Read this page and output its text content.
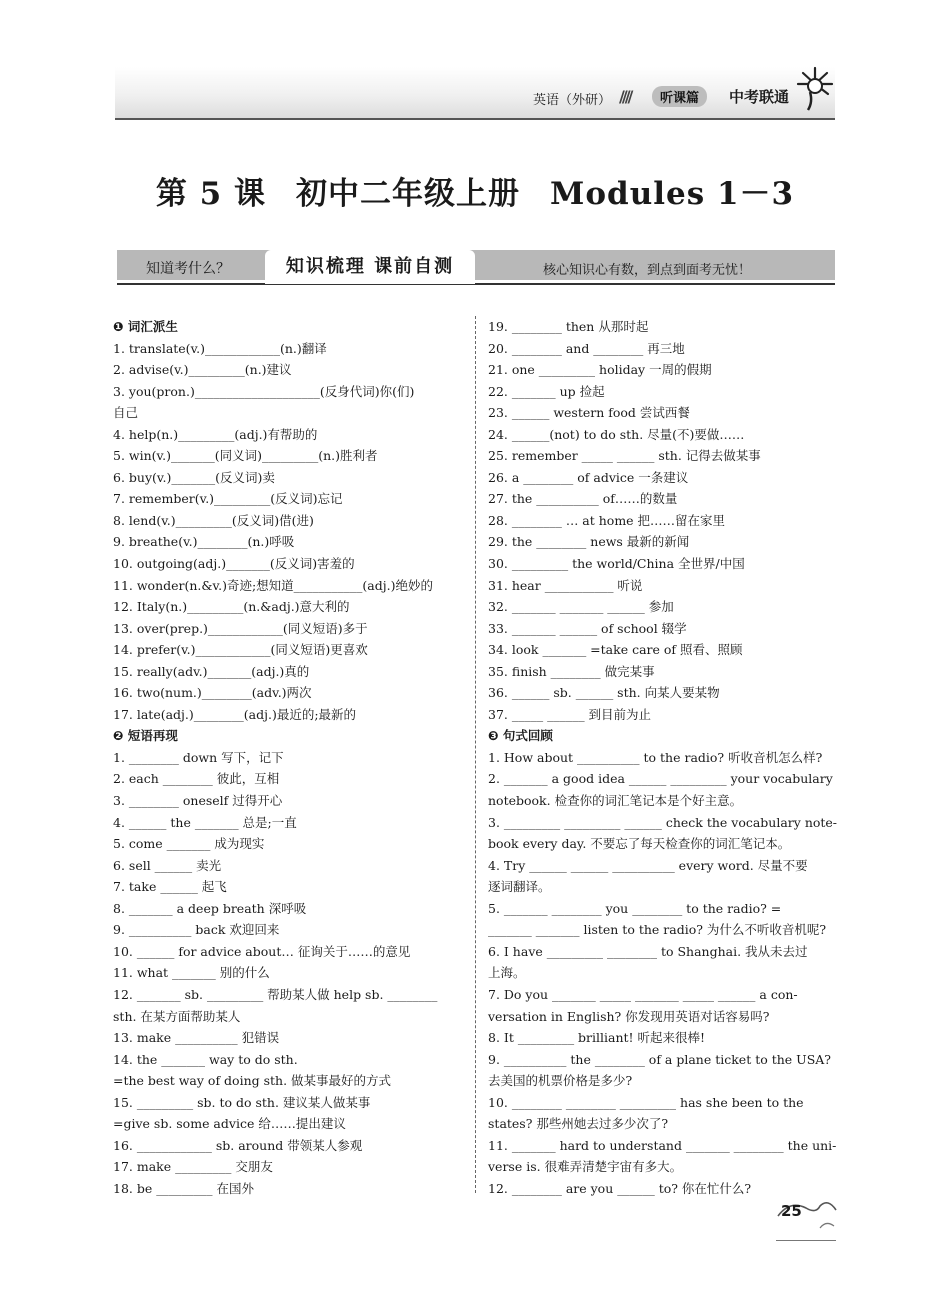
英语（外研） ////	听课篇	中考联通
第 5 课 初中二年级上册 Modules 1－3
知道考什么？	知识梳理 课前自测	核心知识心有数，到点到面考无忧！
❶ 词汇派生
1. translate(v.)____________(n.)翻译
2. advise(v.)_________(n.)建议
3. you(pron.)____________________(反身代词)你(们)
自己
4. help(n.)_________(adj.)有帮助的
5. win(v.)_______(同义词)_________(n.)胜利者
6. buy(v.)_______(反义词)卖
7. remember(v.)_________(反义词)忘记
8. lend(v.)_________(反义词)借(进)
9. breathe(v.)________(n.)呼吸
10. outgoing(adj.)_______(反义词)害羞的
11. wonder(n.&v.)奇迹;想知道___________(adj.)绝妙的
12. Italy(n.)_________(n.&adj.)意大利的
13. over(prep.)____________(同义短语)多于
14. prefer(v.)____________(同义短语)更喜欢
15. really(adv.)_______(adj.)真的
16. two(num.)________(adv.)两次
17. late(adj.)________(adj.)最近的;最新的
❷ 短语再现
1. ________ down 写下，记下
2. each ________ 彼此，互相
3. ________ oneself 过得开心
4. ______ the _______ 总是;一直
5. come _______ 成为现实
6. sell ______ 卖光
7. take ______ 起飞
8. _______ a deep breath 深呼吸
9. __________ back 欢迎回来
10. ______ for advice about… 征询关于……的意见
11. what _______ 别的什么
12. _______ sb. _________ 帮助某人做 help sb. ________
sth. 在某方面帮助某人
13. make __________ 犯错误
14. the _______ way to do sth.
=the best way of doing sth. 做某事最好的方式
15. _________ sb. to do sth. 建议某人做某事
=give sb. some advice 给……提出建议
16. ____________ sb. around 带领某人参观
17. make _________ 交朋友
18. be _________ 在国外
19. ________ then 从那时起
20. ________ and ________ 再三地
21. one _________ holiday 一周的假期
22. _______ up 捡起
23. ______ western food 尝试西餐
24. ______(not) to do sth. 尽量(不)要做……
25. remember _____ ______ sth. 记得去做某事
26. a ________ of advice 一条建议
27. the __________ of……的数量
28. ________ … at home 把……留在家里
29. the ________ news 最新的新闻
30. _________ the world/China 全世界/中国
31. hear ___________ 听说
32. _______ _______ ______ 参加
33. _______ ______ of school 辍学
34. look _______ =take care of 照看、照顾
35. finish ________ 做完某事
36. ______ sb. ______ sth. 向某人要某物
37. _____ ______ 到目前为止
❸ 句式回顾
1. How about __________ to the radio? 听收音机怎么样?
2. _______ a good idea ______ _________ your vocabulary
notebook. 检查你的词汇笔记本是个好主意。
3. _________ _________ ______ check the vocabulary note-
book every day. 不要忘了每天检查你的词汇笔记本。
4. Try ______ ______ __________ every word. 尽量不要
逐词翻译。
5. _______ ________ you ________ to the radio? =
_______ _______ listen to the radio? 为什么不听收音机呢?
6. I have _________ ________ to Shanghai. 我从未去过
上海。
7. Do you _______ _____ _______ _____ ______ a con-
versation in English? 你发现用英语对话容易吗?
8. It _________ brilliant! 听起来很棒!
9. __________ the ________ of a plane ticket to the USA?
去美国的机票价格是多少?
10. ________ ________ _________ has she been to the
states? 那些州她去过多少次了?
11. _______ hard to understand _______ ________ the uni-
verse is. 很难弄清楚宇宙有多大。
12. ________ are you ______ to? 你在忙什么?
25
